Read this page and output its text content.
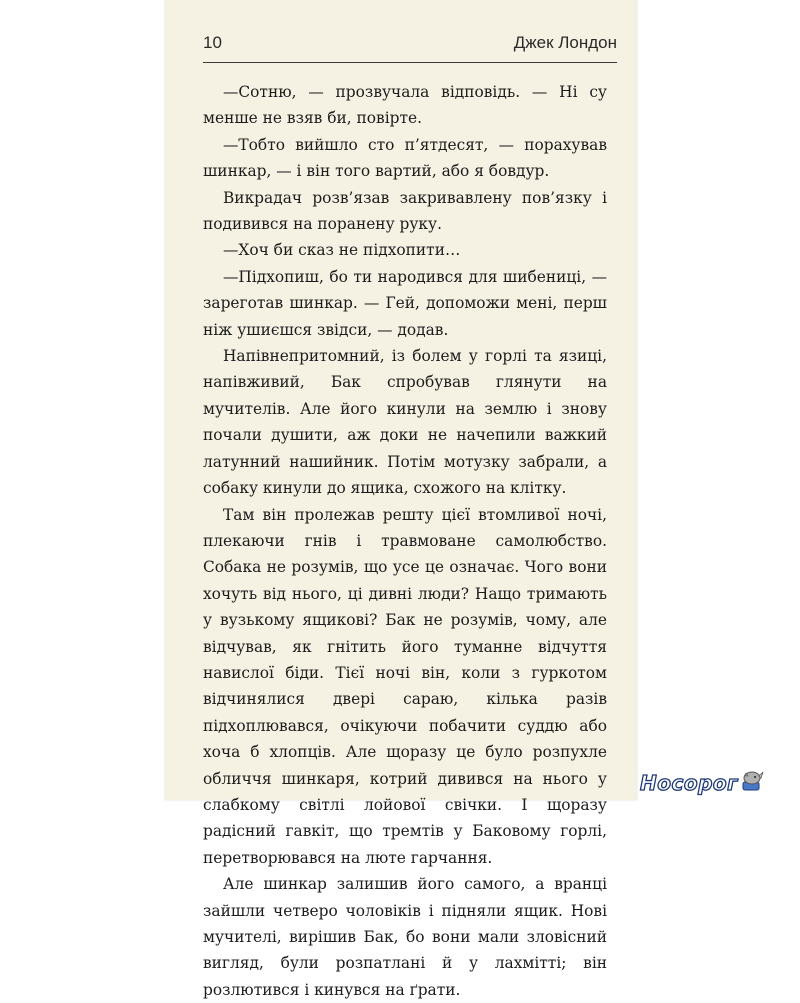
10	Джек Лондон

—Сотню, — прозвучала відповідь. — Ні су менше не взяв би, повірте.

—Тобто вийшло сто п’ятдесят, — порахував шинкар, — і він того вартий, або я бовдур.

Викрадач розв’язав закривавлену пов’язку і подивився на поранену руку.

—Хоч би сказ не підхопити…

—Підхопиш, бо ти народився для шибениці, — зареготав шинкар. — Гей, допоможи мені, перш ніж ушиєшся звідси, — додав.

Напівнепритомний, із болем у горлі та язиці, напівживий, Бак спробував глянути на мучителів. Але його кинули на землю і знову почали душити, аж доки не начепили важкий латунний нашийник. Потім мотузку забрали, а собаку кинули до ящика, схожого на клітку.

Там він пролежав решту цієї втомливої ночі, плекаючи гнів і травмоване самолюбство. Собака не розумів, що усе це означає. Чого вони хочуть від нього, ці дивні люди? Нащо тримають у вузькому ящикові? Бак не розумів, чому, але відчував, як гнітить його туманне відчуття навислої біди. Тієї ночі він, коли з гуркотом відчинялися двері сараю, кілька разів підхоплювався, очікуючи побачити суддю або хоча б хлопців. Але щоразу це було розпухле обличчя шинкаря, котрий дивився на нього у слабкому світлі лойової свічки. І щоразу радісний гавкіт, що тремтів у Баковому горлі, перетворювався на люте гарчання.

Але шинкар залишив його самого, а вранці зайшли четверо чоловіків і підняли ящик. Нові мучителі, вирішив Бак, бо вони мали зловісний вигляд, були розпатлані й у лахмітті; він розлютився і кинувся на ґрати.

Носорог
